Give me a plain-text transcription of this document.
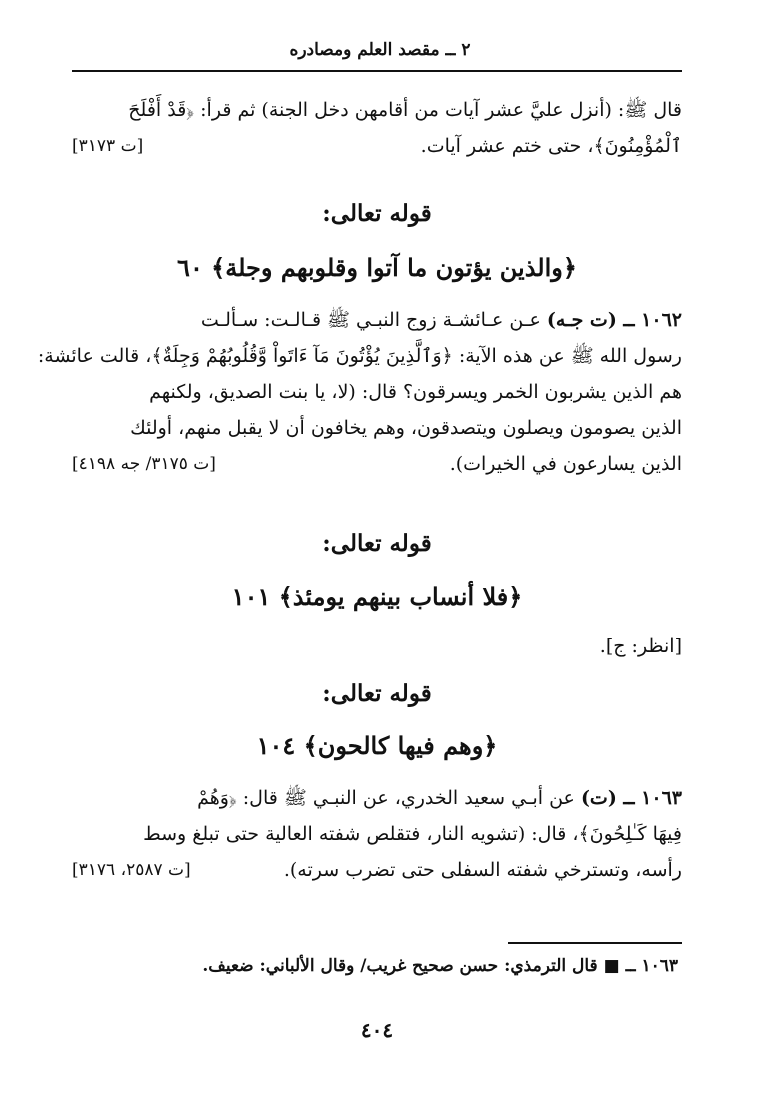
٢ ــ مقصد العلم ومصادره
قال ﷺ: (أنزل عليَّ عشر آيات من أقامهن دخل الجنة) ثم قرأ: ﴿قَدْ أَفْلَحَ
ٱلْمُؤْمِنُونَ﴾، حتى ختم عشر آيات.
[ت ٣١٧٣]
قوله تعالى:
﴿والذين يؤتون ما آتوا وقلوبهم وجلة﴾ ٦٠
١٠٦٢ ــ (ت جـه) عـن عـائشـة زوج النبـي ﷺ قـالـت: سـألـت
رسول الله ﷺ عن هذه الآية: ﴿وَٱلَّذِينَ يُؤْتُونَ مَآ ءَاتَواْ وَّقُلُوبُهُمْ وَجِلَةٌ﴾، قالت عائشة:
هم الذين يشربون الخمر ويسرقون؟ قال: (لا، يا بنت الصديق، ولكنهم
الذين يصومون ويصلون ويتصدقون، وهم يخافون أن لا يقبل منهم، أولئك
الذين يسارعون في الخيرات).
[ت ٣١٧٥/ جه ٤١٩٨]
قوله تعالى:
﴿فلا أنساب بينهم يومئذ﴾ ١٠١
[انظر: ج].
قوله تعالى:
﴿وهم فيها كالحون﴾ ١٠٤
١٠٦٣ ــ (ت) عن أبـي سعيد الخدري، عن النبـي ﷺ قال: ﴿وَهُمْ
فِيهَا كَـٰلِحُونَ﴾، قال: (تشويه النار، فتقلص شفته العالية حتى تبلغ وسط
رأسه، وتسترخي شفته السفلى حتى تضرب سرته).
[ت ٢٥٨٧، ٣١٧٦]
١٠٦٣ ــ ■ قال الترمذي: حسن صحيح غريب/ وقال الألباني: ضعيف.
٤٠٤
